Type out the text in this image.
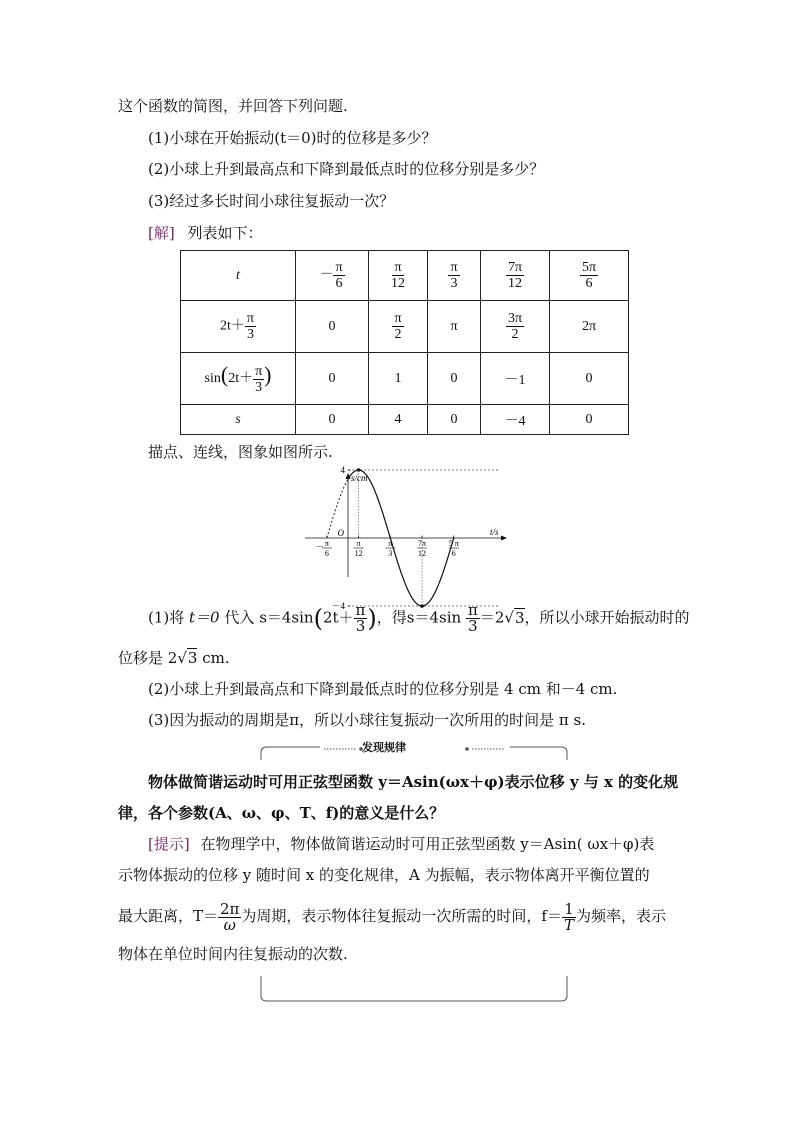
这个函数的简图，并回答下列问题.
(1)小球在开始振动(t＝0)时的位移是多少？
(2)小球上升到最高点和下降到最低点时的位移分别是多少？
(3)经过多长时间小球往复振动一次？
[解] 列表如下：
t	－ $\frac{\pi}{6}$	$\frac{\pi}{12}$	$\frac{\pi}{3}$	$\frac{7\pi}{12}$	$\frac{5\pi}{6}$

$2t+ \frac{\pi}{3}$	0	$\frac{\pi}{2}$	π	$\frac{3\pi}{2}$	2π
$\sin(2t+ \frac{\pi}{3}$ )	0	1	0	－1	0
s	0	4	0	－4	0
描点、连线，图象如图所示.
－ π
6
π
12
π
3
7π
12
5 π
6
4
－4
O
s/cm
t/s
(1)将 t＝0 代入 $s=4\sin(2t+ \frac{\pi}{3}$ )，得$s=4\sin \frac{\pi}{3} =2√3$，所以小球开始振动时的
位移是 2√3 cm.
(2)小球上升到最高点和下降到最低点时的位移分别是 4 cm 和－4 cm.
(3)因为振动的周期是π，所以小球往复振动一次所用的时间是 π s.
发现规律
物体做简谐运动时可用正弦型函数 y＝Asin(ωx＋φ)表示位移 y 与 x 的变化规
律，各个参数(A、ω、φ、T、f)的意义是什么？
[提示] 在物理学中，物体做简谐运动时可用正弦型函数 y＝Asin( ωx＋φ)表
示物体振动的位移 y 随时间 x 的变化规律，A 为振幅，表示物体离开平衡位置的
最大距离，$T= \frac{2\pi}{\omega}$ 为周期，表示物体往复振动一次所需的时间，$f= \frac{1}{T}$ 为频率，表示
物体在单位时间内往复振动的次数.
